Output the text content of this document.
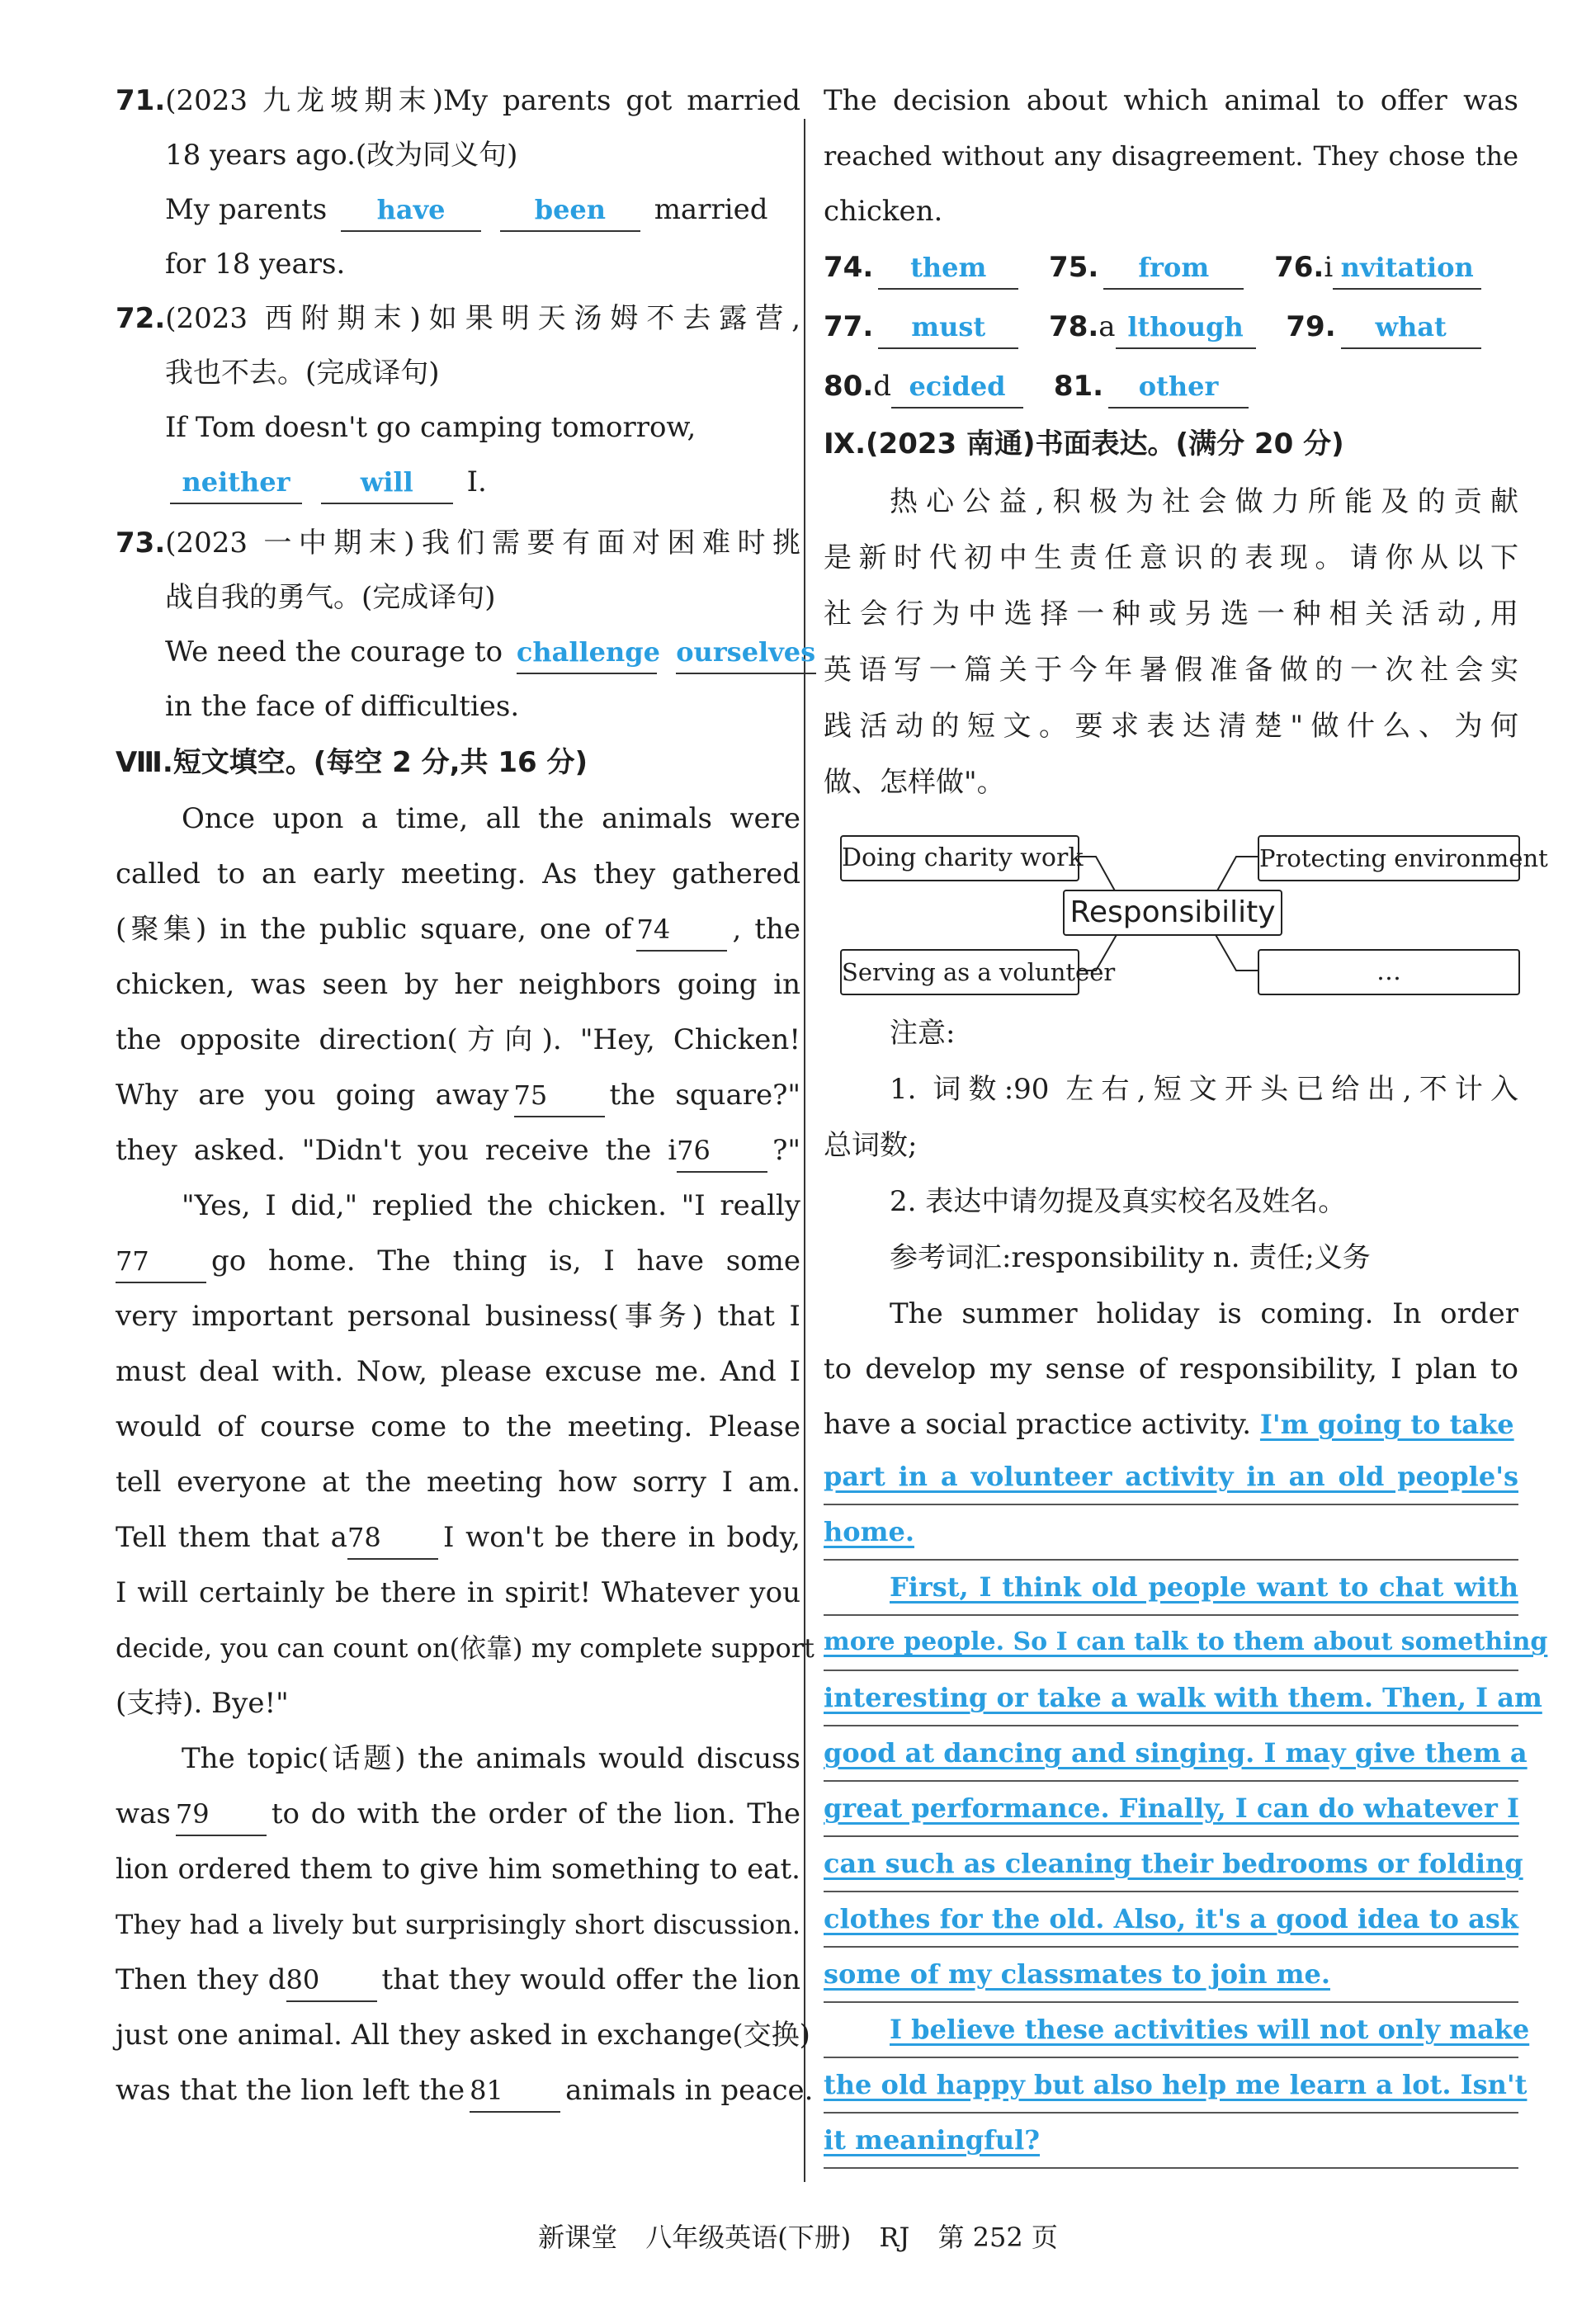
71.(2023 九龙坡期末)My parents got married
18 years ago.(改为同义句)
My parents have	been married
for 18 years.
72.(2023 西附期末)如果明天汤姆不去露营,
我也不去。(完成译句)
If Tom doesn't go camping tomorrow,
neither	will I.
73.(2023 一中期末)我们需要有面对困难时挑
战自我的勇气。(完成译句)
We need the courage to challenge ourselves
in the face of difficulties.
Ⅷ.短文填空。(每空 2 分,共 16 分)
Once upon a time, all the animals were
called to an early meeting. As they gathered
(聚集) in the public square, one of 74 , the
chicken, was seen by her neighbors going in
the opposite direction(方向). "Hey, Chicken!
Why are you going away 75 the square?"
they asked. "Didn't you receive the i76 ?"
"Yes, I did," replied the chicken. "I really
77 go home. The thing is, I have some
very important personal business(事务) that I
must deal with. Now, please excuse me. And I
would of course come to the meeting. Please
tell everyone at the meeting how sorry I am.
Tell them that a78 I won't be there in body,
I will certainly be there in spirit! Whatever you
decide, you can count on(依靠) my complete support
(支持). Bye!"
The topic(话题) the animals would discuss
was 79 to do with the order of the lion. The
lion ordered them to give him something to eat.
They had a lively but surprisingly short discussion.
Then they d80 that they would offer the lion
just one animal. All they asked in exchange(交换)
was that the lion left the 81 animals in peace.
The decision about which animal to offer was
reached without any disagreement. They chose the
chicken.
74. them 75. from 76.i nvitation
77. must 78.a lthough 79. what
80.d ecided 81. other
Ⅸ.(2023 南通)书面表达。(满分 20 分)
热心公益,积极为社会做力所能及的贡献
是新时代初中生责任意识的表现。请你从以下
社会行为中选择一种或另选一种相关活动,用
英语写一篇关于今年暑假准备做的一次社会实
践活动的短文。要求表达清楚"做什么、为何
做、怎样做"。
Doing charity work	Protecting environment
Responsibility
Serving as a volunteer	…
注意:
1. 词数:90 左右,短文开头已给出,不计入
总词数;
2. 表达中请勿提及真实校名及姓名。
参考词汇:responsibility n. 责任;义务
The summer holiday is coming. In order
to develop my sense of responsibility, I plan to
have a social practice activity. I'm going to take
part in a volunteer activity in an old people's
home.
First, I think old people want to chat with
more people. So I can talk to them about something
interesting or take a walk with them. Then, I am
good at dancing and singing. I may give them a
great performance. Finally, I can do whatever I
can such as cleaning their bedrooms or folding
clothes for the old. Also, it's a good idea to ask
some of my classmates to join me.
I believe these activities will not only make
the old happy but also help me learn a lot. Isn't
it meaningful?
新课堂 八年级英语(下册) RJ 第 252 页
